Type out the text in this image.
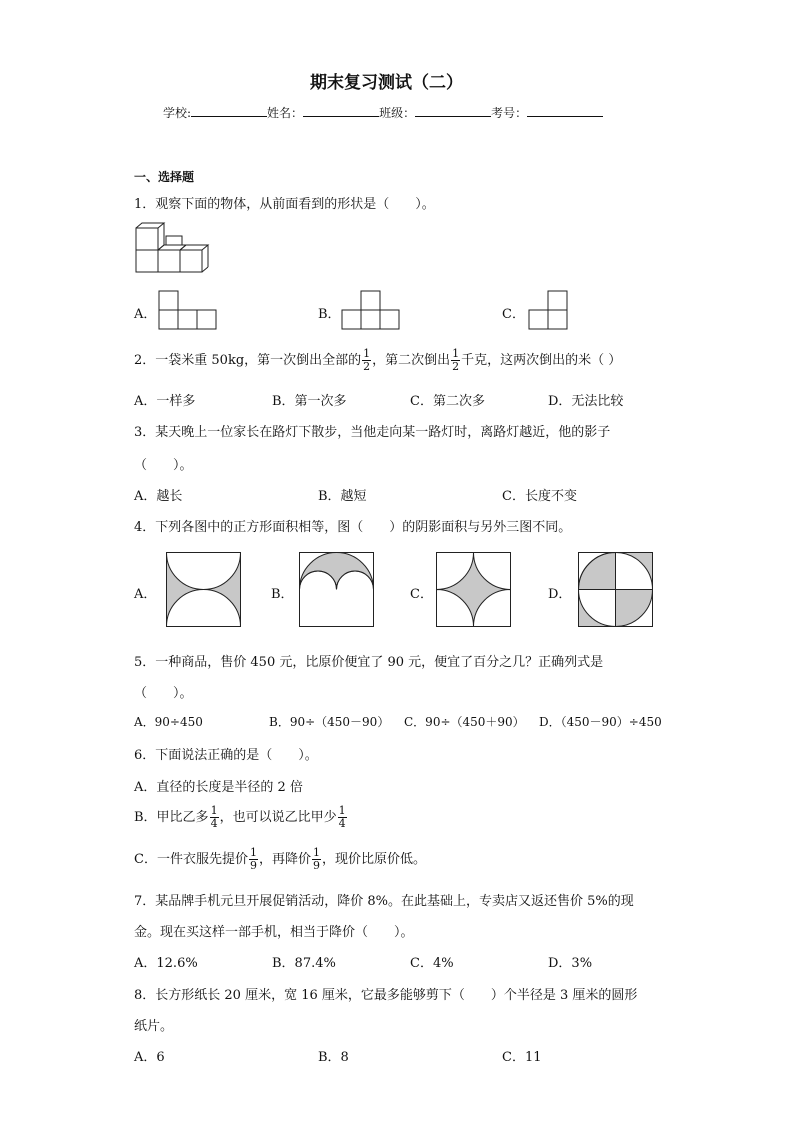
期末复习测试（二）
学校:	姓名：	班级：	考号：
一、选择题
1．观察下面的物体，从前面看到的形状是（　　）。
A．	B．	C．
2．一袋米重 50kg，第一次倒出全部的 $\frac{1}{2}$ ，第二次倒出 $\frac{1}{2}$ 千克，这两次倒出的米（ ）
A．一样多	B．第一次多	C．第二次多	D．无法比较
3．某天晚上一位家长在路灯下散步，当他走向某一路灯时，离路灯越近，他的影子
（　　）。
A．越长	B．越短	C．长度不变
4．下列各图中的正方形面积相等，图（　　）的阴影面积与另外三图不同。
A．	B．	C．	D．
5．一种商品，售价 450 元，比原价便宜了 90 元，便宜了百分之几？正确列式是
（　　）。
A．90÷450	B．90÷（450－90） C．90÷（450＋90） D．（450－90）÷450
6．下面说法正确的是（　　）。
A．直径的长度是半径的 2 倍
B．甲比乙多 $\frac{1}{4}$ ，也可以说乙比甲少 $\frac{1}{4}$
C．一件衣服先提价 $\frac{1}{9}$ ，再降价 $\frac{1}{9}$ ，现价比原价低。
7．某品牌手机元旦开展促销活动，降价 8%。在此基础上，专卖店又返还售价 5%的现
金。现在买这样一部手机，相当于降价（　　）。
A．12.6%	B．87.4%	C．4%	D．3%
8．长方形纸长 20 厘米，宽 16 厘米，它最多能够剪下（　　）个半径是 3 厘米的圆形
纸片。
A．6	B．8	C．11
